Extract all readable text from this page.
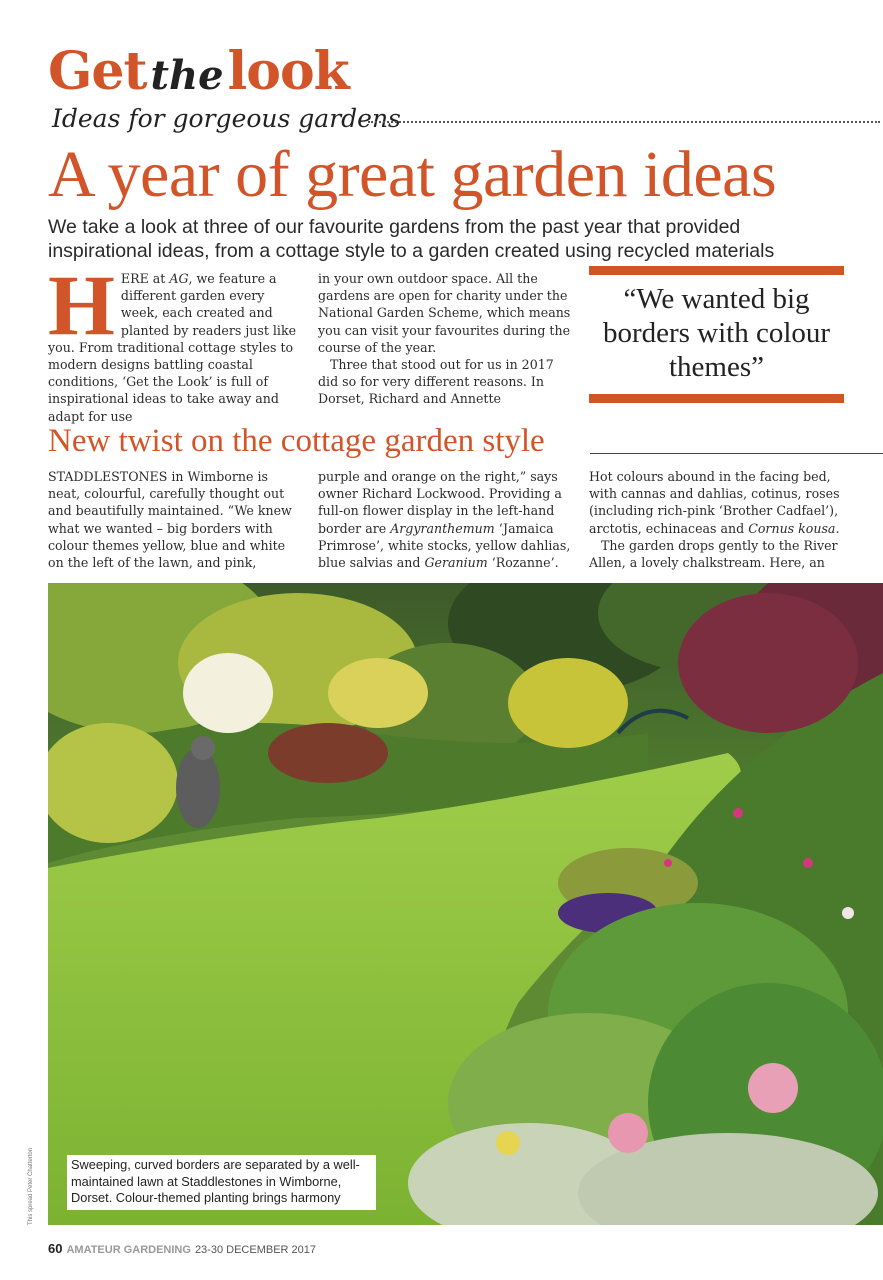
Get thelook
Ideas for gorgeous gardens
A year of great garden ideas
We take a look at three of our favourite gardens from the past year that provided inspirational ideas, from a cottage style to a garden created using recycled materials

HERE at AG, we feature a different garden every week, each created and planted by readers just like you. From traditional cottage styles to modern designs battling coastal conditions, ‘Get the Look’ is full of inspirational ideas to take away and adapt for use

in your own outdoor space. All the gardens are open for charity under the National Garden Scheme, which means you can visit your favourites during the course of the year.

Three that stood out for us in 2017 did so for very different reasons. In Dorset, Richard and Annette

“We wanted big borders with colour themes”
New twist on the cottage garden style

STADDLESTONES in Wimborne is neat, colourful, carefully thought out and beautifully maintained. “We knew what we wanted – big borders with colour themes yellow, blue and white on the left of the lawn, and pink,

purple and orange on the right,” says owner Richard Lockwood. Providing a full-on flower display in the left-hand border are Argyranthemum ‘Jamaica Primrose’, white stocks, yellow dahlias, blue salvias and Geranium ‘Rozanne’.

Hot colours abound in the facing bed, with cannas and dahlias, cotinus, roses (including rich-pink ‘Brother Cadfael’), arctotis, echinaceas and Cornus kousa.

The garden drops gently to the River Allen, a lovely chalkstream. Here, an

Sweeping, curved borders are separated by a well-maintained lawn at Staddlestones in Wimborne, Dorset. Colour-themed planting brings harmony
This spread Peter Chatterton
60 AMATEUR GARDENING 23-30 DECEMBER 2017
